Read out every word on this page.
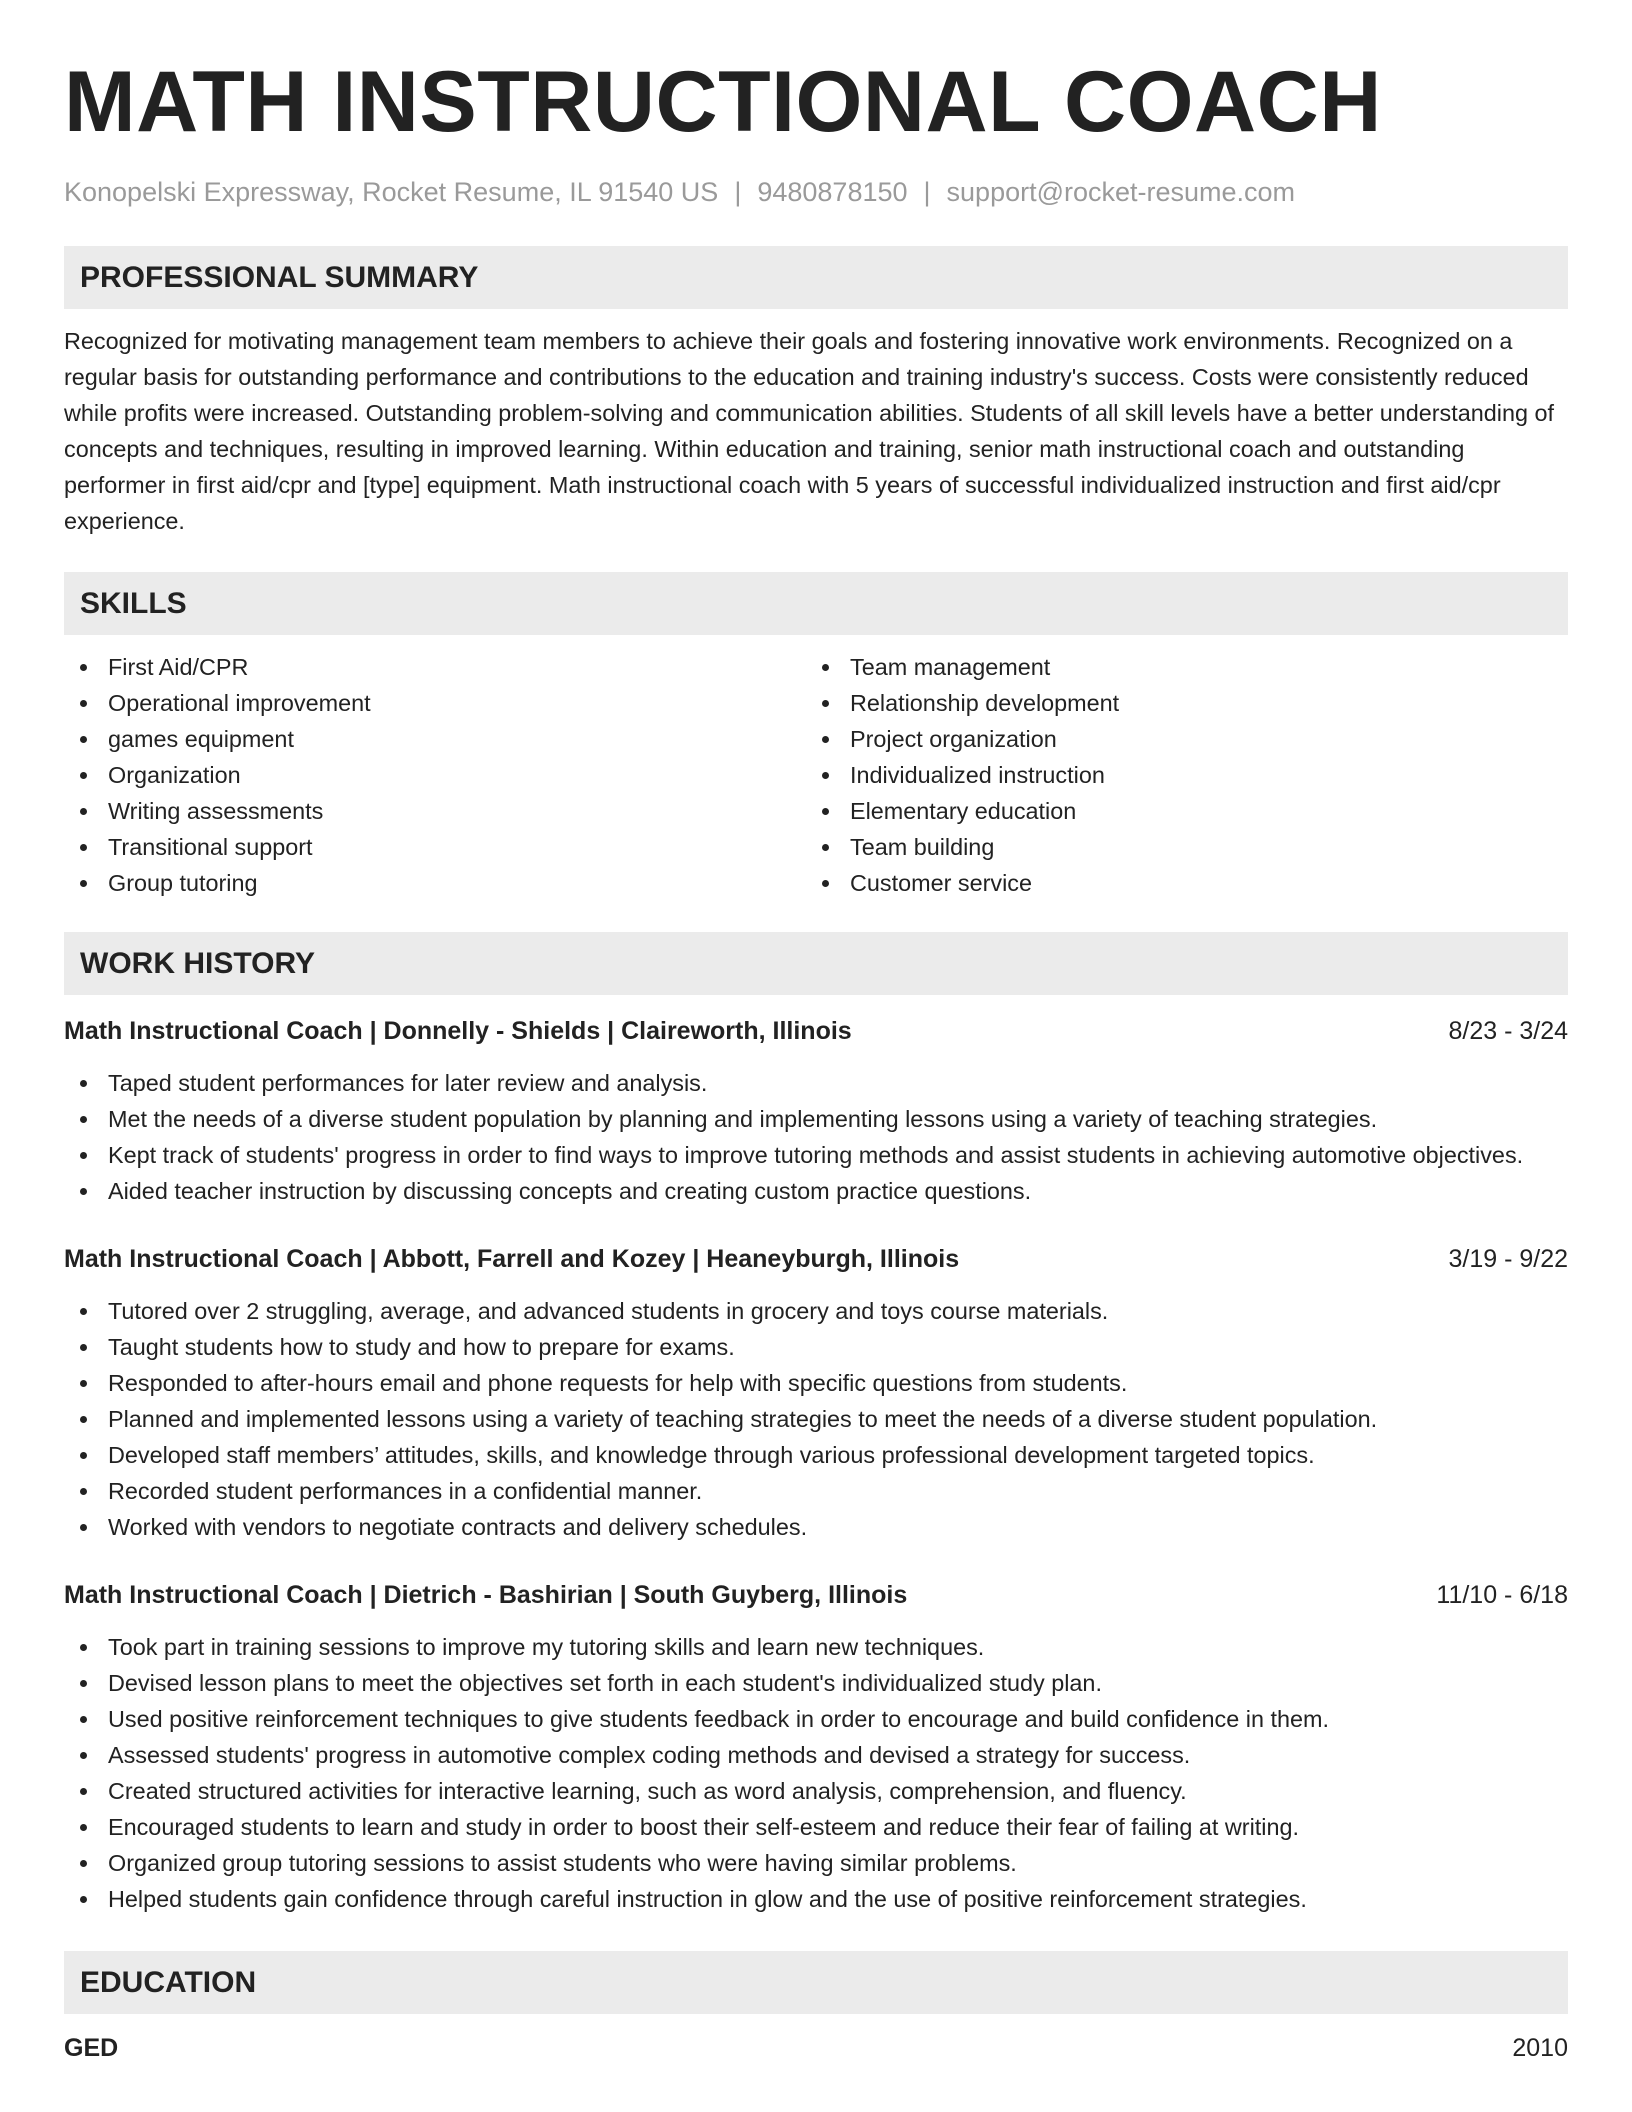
MATH INSTRUCTIONAL COACH
Konopelski Expressway, Rocket Resume, IL 91540 US | 9480878150 | support@rocket-resume.com
PROFESSIONAL SUMMARY

Recognized for motivating management team members to achieve their goals and fostering innovative work environments. Recognized on a regular basis for outstanding performance and contributions to the education and training industry's success. Costs were consistently reduced while profits were increased. Outstanding problem-solving and communication abilities. Students of all skill levels have a better understanding of concepts and techniques, resulting in improved learning. Within education and training, senior math instructional coach and outstanding performer in first aid/cpr and [type] equipment. Math instructional coach with 5 years of successful individualized instruction and first aid/cpr experience.

SKILLS
First Aid/CPR
Operational improvement
games equipment
Organization
Writing assessments
Transitional support
Group tutoring
Team management
Relationship development
Project organization
Individualized instruction
Elementary education
Team building
Customer service
WORK HISTORY
Math Instructional Coach | Donnelly - Shields | Claireworth, Illinois	8/23 - 3/24
Taped student performances for later review and analysis.
Met the needs of a diverse student population by planning and implementing lessons using a variety of teaching strategies.
Kept track of students' progress in order to find ways to improve tutoring methods and assist students in achieving automotive objectives.
Aided teacher instruction by discussing concepts and creating custom practice questions.
Math Instructional Coach | Abbott, Farrell and Kozey | Heaneyburgh, Illinois	3/19 - 9/22
Tutored over 2 struggling, average, and advanced students in grocery and toys course materials.
Taught students how to study and how to prepare for exams.
Responded to after-hours email and phone requests for help with specific questions from students.
Planned and implemented lessons using a variety of teaching strategies to meet the needs of a diverse student population.
Developed staff members’ attitudes, skills, and knowledge through various professional development targeted topics.
Recorded student performances in a confidential manner.
Worked with vendors to negotiate contracts and delivery schedules.
Math Instructional Coach | Dietrich - Bashirian | South Guyberg, Illinois	11/10 - 6/18
Took part in training sessions to improve my tutoring skills and learn new techniques.
Devised lesson plans to meet the objectives set forth in each student's individualized study plan.
Used positive reinforcement techniques to give students feedback in order to encourage and build confidence in them.
Assessed students' progress in automotive complex coding methods and devised a strategy for success.
Created structured activities for interactive learning, such as word analysis, comprehension, and fluency.
Encouraged students to learn and study in order to boost their self-esteem and reduce their fear of failing at writing.
Organized group tutoring sessions to assist students who were having similar problems.
Helped students gain confidence through careful instruction in glow and the use of positive reinforcement strategies.
EDUCATION
GED	2010
